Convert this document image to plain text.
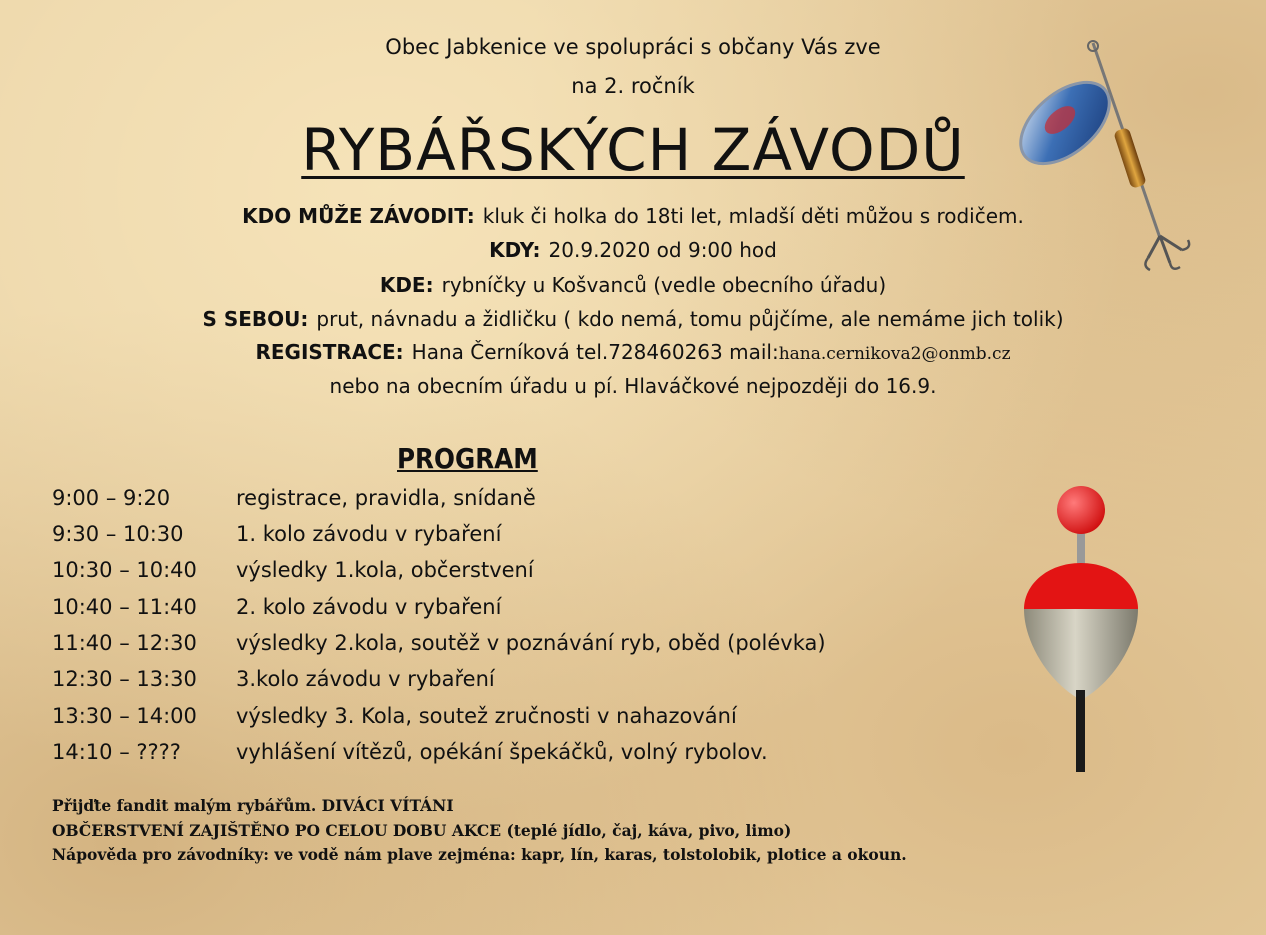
Obec Jabkenice ve spolupráci s občany Vás zve
na 2. ročník
RYBÁŘSKÝCH ZÁVODŮ
KDO MŮŽE ZÁVODIT: kluk či holka do 18ti let, mladší děti můžou s rodičem.
KDY: 20.9.2020 od 9:00 hod
KDE: rybníčky u Košvanců (vedle obecního úřadu)
S SEBOU: prut, návnadu a židličku ( kdo nemá, tomu půjčíme, ale nemáme jich tolik)
REGISTRACE: Hana Černíková tel.728460263 mail:hana.cernikova2@onmb.cz
nebo na obecním úřadu u pí. Hlaváčkové nejpozději do 16.9.
PROGRAM
9:00 – 9:20	registrace, pravidla, snídaně
9:30 – 10:30 1. kolo závodu v rybaření
10:30 – 10:40 výsledky 1.kola, občerstvení
10:40 – 11:40 2. kolo závodu v rybaření
11:40 – 12:30 výsledky 2.kola, soutěž v poznávání ryb, oběd (polévka)
12:30 – 13:30 3.kolo závodu v rybaření
13:30 – 14:00 výsledky 3. Kola, soutež zručnosti v nahazování
14:10 – ????	vyhlášení vítězů, opékání špekáčků, volný rybolov.
Přijďte fandit malým rybářům. DIVÁCI VÍTÁNI
OBČERSTVENÍ ZAJIŠTĚNO PO CELOU DOBU AKCE (teplé jídlo, čaj, káva, pivo, limo)
Nápověda pro závodníky: ve vodě nám plave zejména: kapr, lín, karas, tolstolobik, plotice a okoun.
